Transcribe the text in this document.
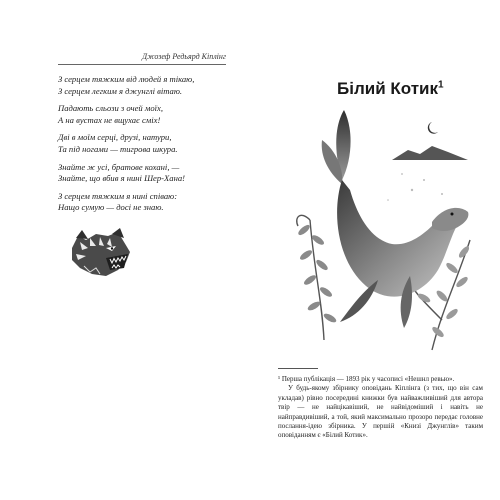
Джозеф Редьярд Кіплінг
З серцем тяжким від людей я тікаю,
З серцем легким я джунглі вітаю.
Падають сльози з очей моїх,
А на вустах не вщухає сміх!
Дві в моїм серці, друзі, натури,
Та під ногами — тигрова шкура.
Знайте ж усі, братове кохані, —
Знайте, що вбив я нині Шер-Хана!
З серцем тяжким я нині співаю:
Нащо сумую — досі не знаю.
Білий Котик$^1$

¹ Перша публікація — 1893 рік у часописі «Нешнл ревью».

У будь-якому збірнику оповідань Кіплінга (з тих, що він сам укладав) рівно посередині книжки був найважливіший для автора твір — не найцікавіший, не найвідоміший і навіть не найправдивіший, а той, який максимально прозоро передає головне послання-ідею збірника. У першій «Книзі Джунглів» таким оповіданням є «Білий Котик».
